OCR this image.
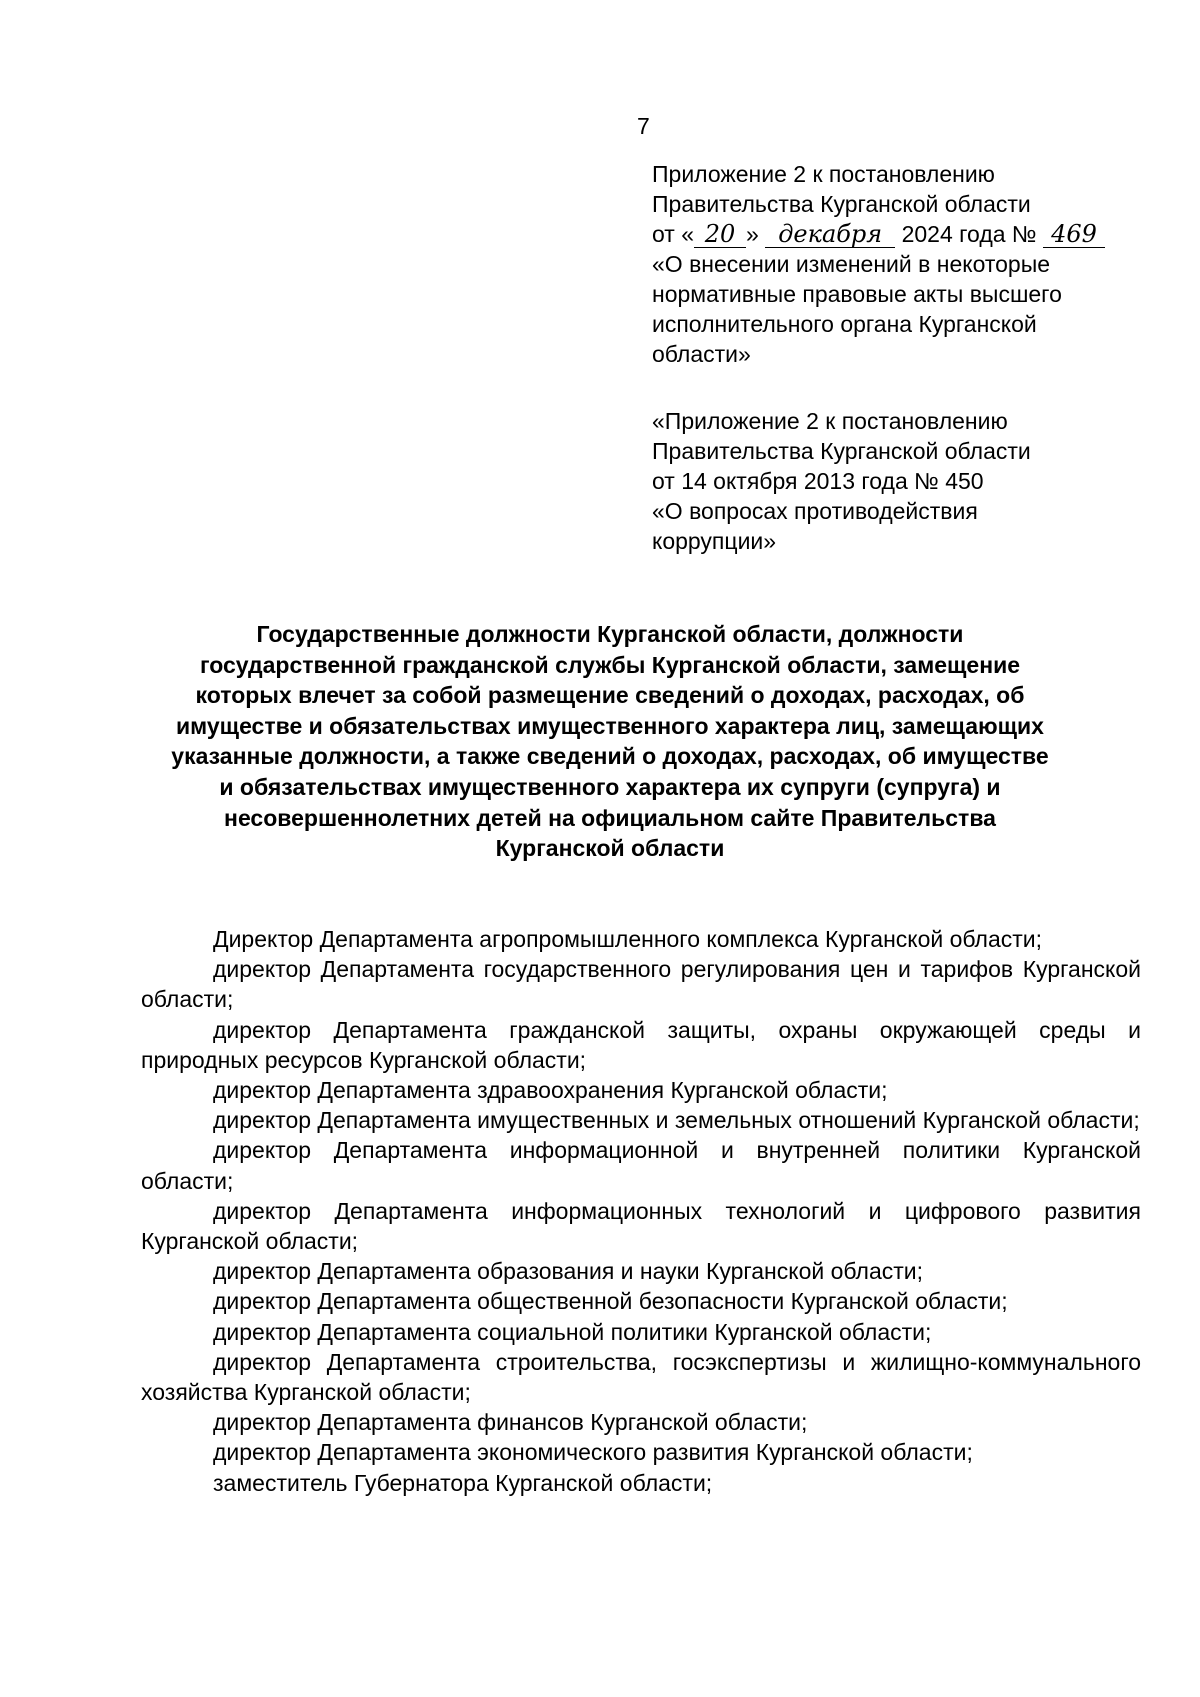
7
Приложение 2 к постановлению
Правительства Курганской области
от « 20 » декабря 2024 года № 469
«О внесении изменений в некоторые
нормативные правовые акты высшего
исполнительного органа Курганской
области»
«Приложение 2 к постановлению
Правительства Курганской области
от 14 октября 2013 года № 450
«О вопросах противодействия
коррупции»
Государственные должности Курганской области, должности
государственной гражданской службы Курганской области, замещение
которых влечет за собой размещение сведений о доходах, расходах, об
имуществе и обязательствах имущественного характера лиц, замещающих
указанные должности, а также сведений о доходах, расходах, об имуществе
и обязательствах имущественного характера их супруги (супруга) и
несовершеннолетних детей на официальном сайте Правительства
Курганской области

Директор Департамента агропромышленного комплекса Курганской области;

директор Департамента государственного регулирования цен и тарифов Курганской области;

директор Департамента гражданской защиты, охраны окружающей среды и природных ресурсов Курганской области;

директор Департамента здравоохранения Курганской области;

директор Департамента имущественных и земельных отношений Курганской области;

директор Департамента информационной и внутренней политики Курганской области;

директор Департамента информационных технологий и цифрового развития Курганской области;

директор Департамента образования и науки Курганской области;

директор Департамента общественной безопасности Курганской области;

директор Департамента социальной политики Курганской области;

директор Департамента строительства, госэкспертизы и жилищно-коммунального хозяйства Курганской области;

директор Департамента финансов Курганской области;

директор Департамента экономического развития Курганской области;

заместитель Губернатора Курганской области;
